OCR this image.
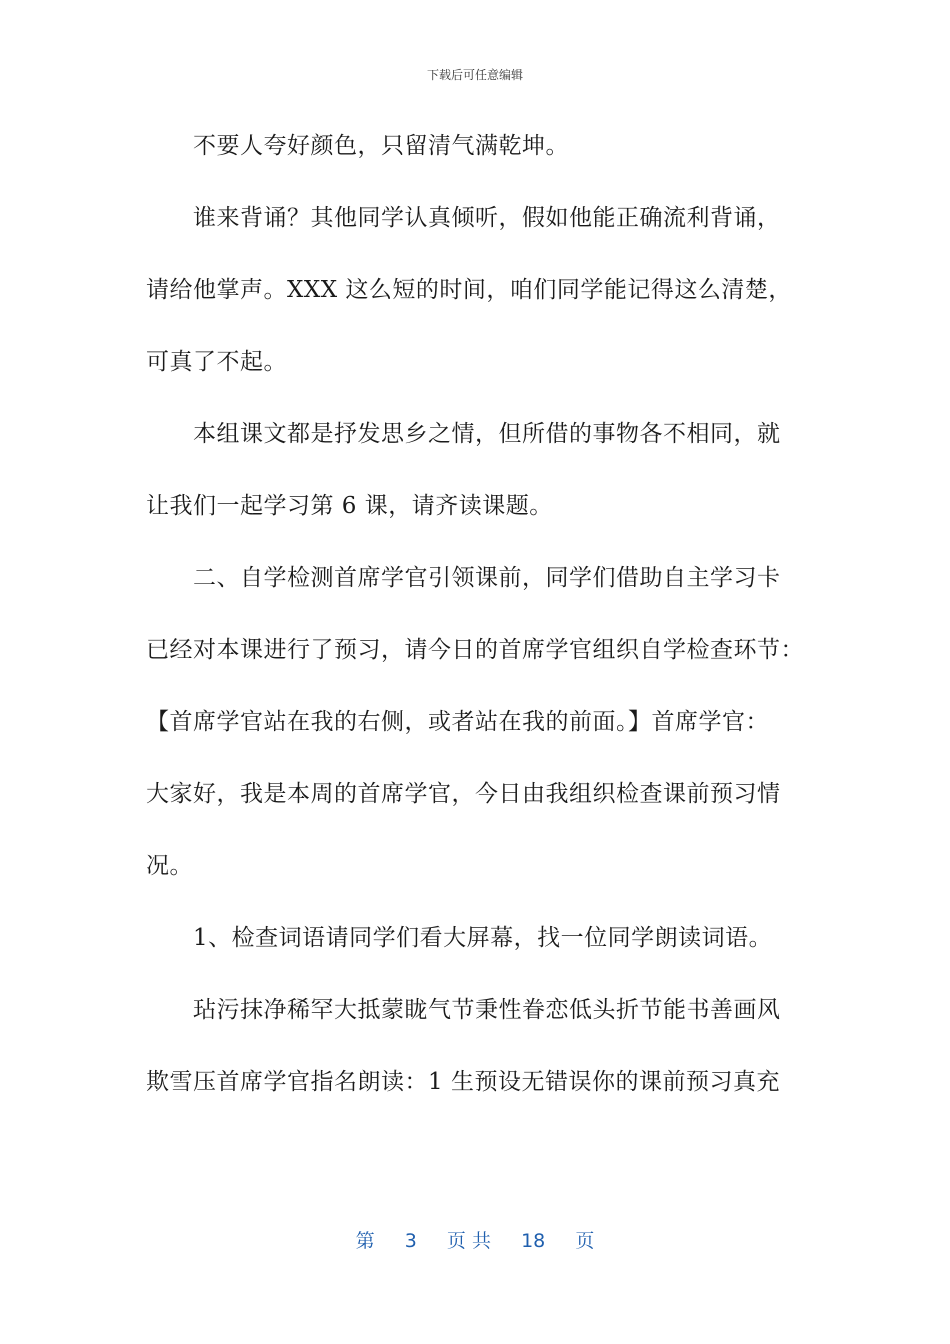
下载后可任意编辑
不要人夸好颜色，只留清气满乾坤。
谁来背诵？其他同学认真倾听，假如他能正确流利背诵，
请给他掌声。XXX 这么短的时间，咱们同学能记得这么清楚，
可真了不起。
本组课文都是抒发思乡之情，但所借的事物各不相同，就
让我们一起学习第 6 课，请齐读课题。
二、自学检测首席学官引领课前，同学们借助自主学习卡
已经对本课进行了预习，请今日的首席学官组织自学检查环节：
【首席学官站在我的右侧，或者站在我的前面。】首席学官：
大家好，我是本周的首席学官，今日由我组织检查课前预习情
况。
1、检查词语请同学们看大屏幕，找一位同学朗读词语。
玷污抹净稀罕大抵蒙眬气节秉性眷恋低头折节能书善画风
欺雪压首席学官指名朗读：1 生预设无错误你的课前预习真充
第 3 页 共 18 页
